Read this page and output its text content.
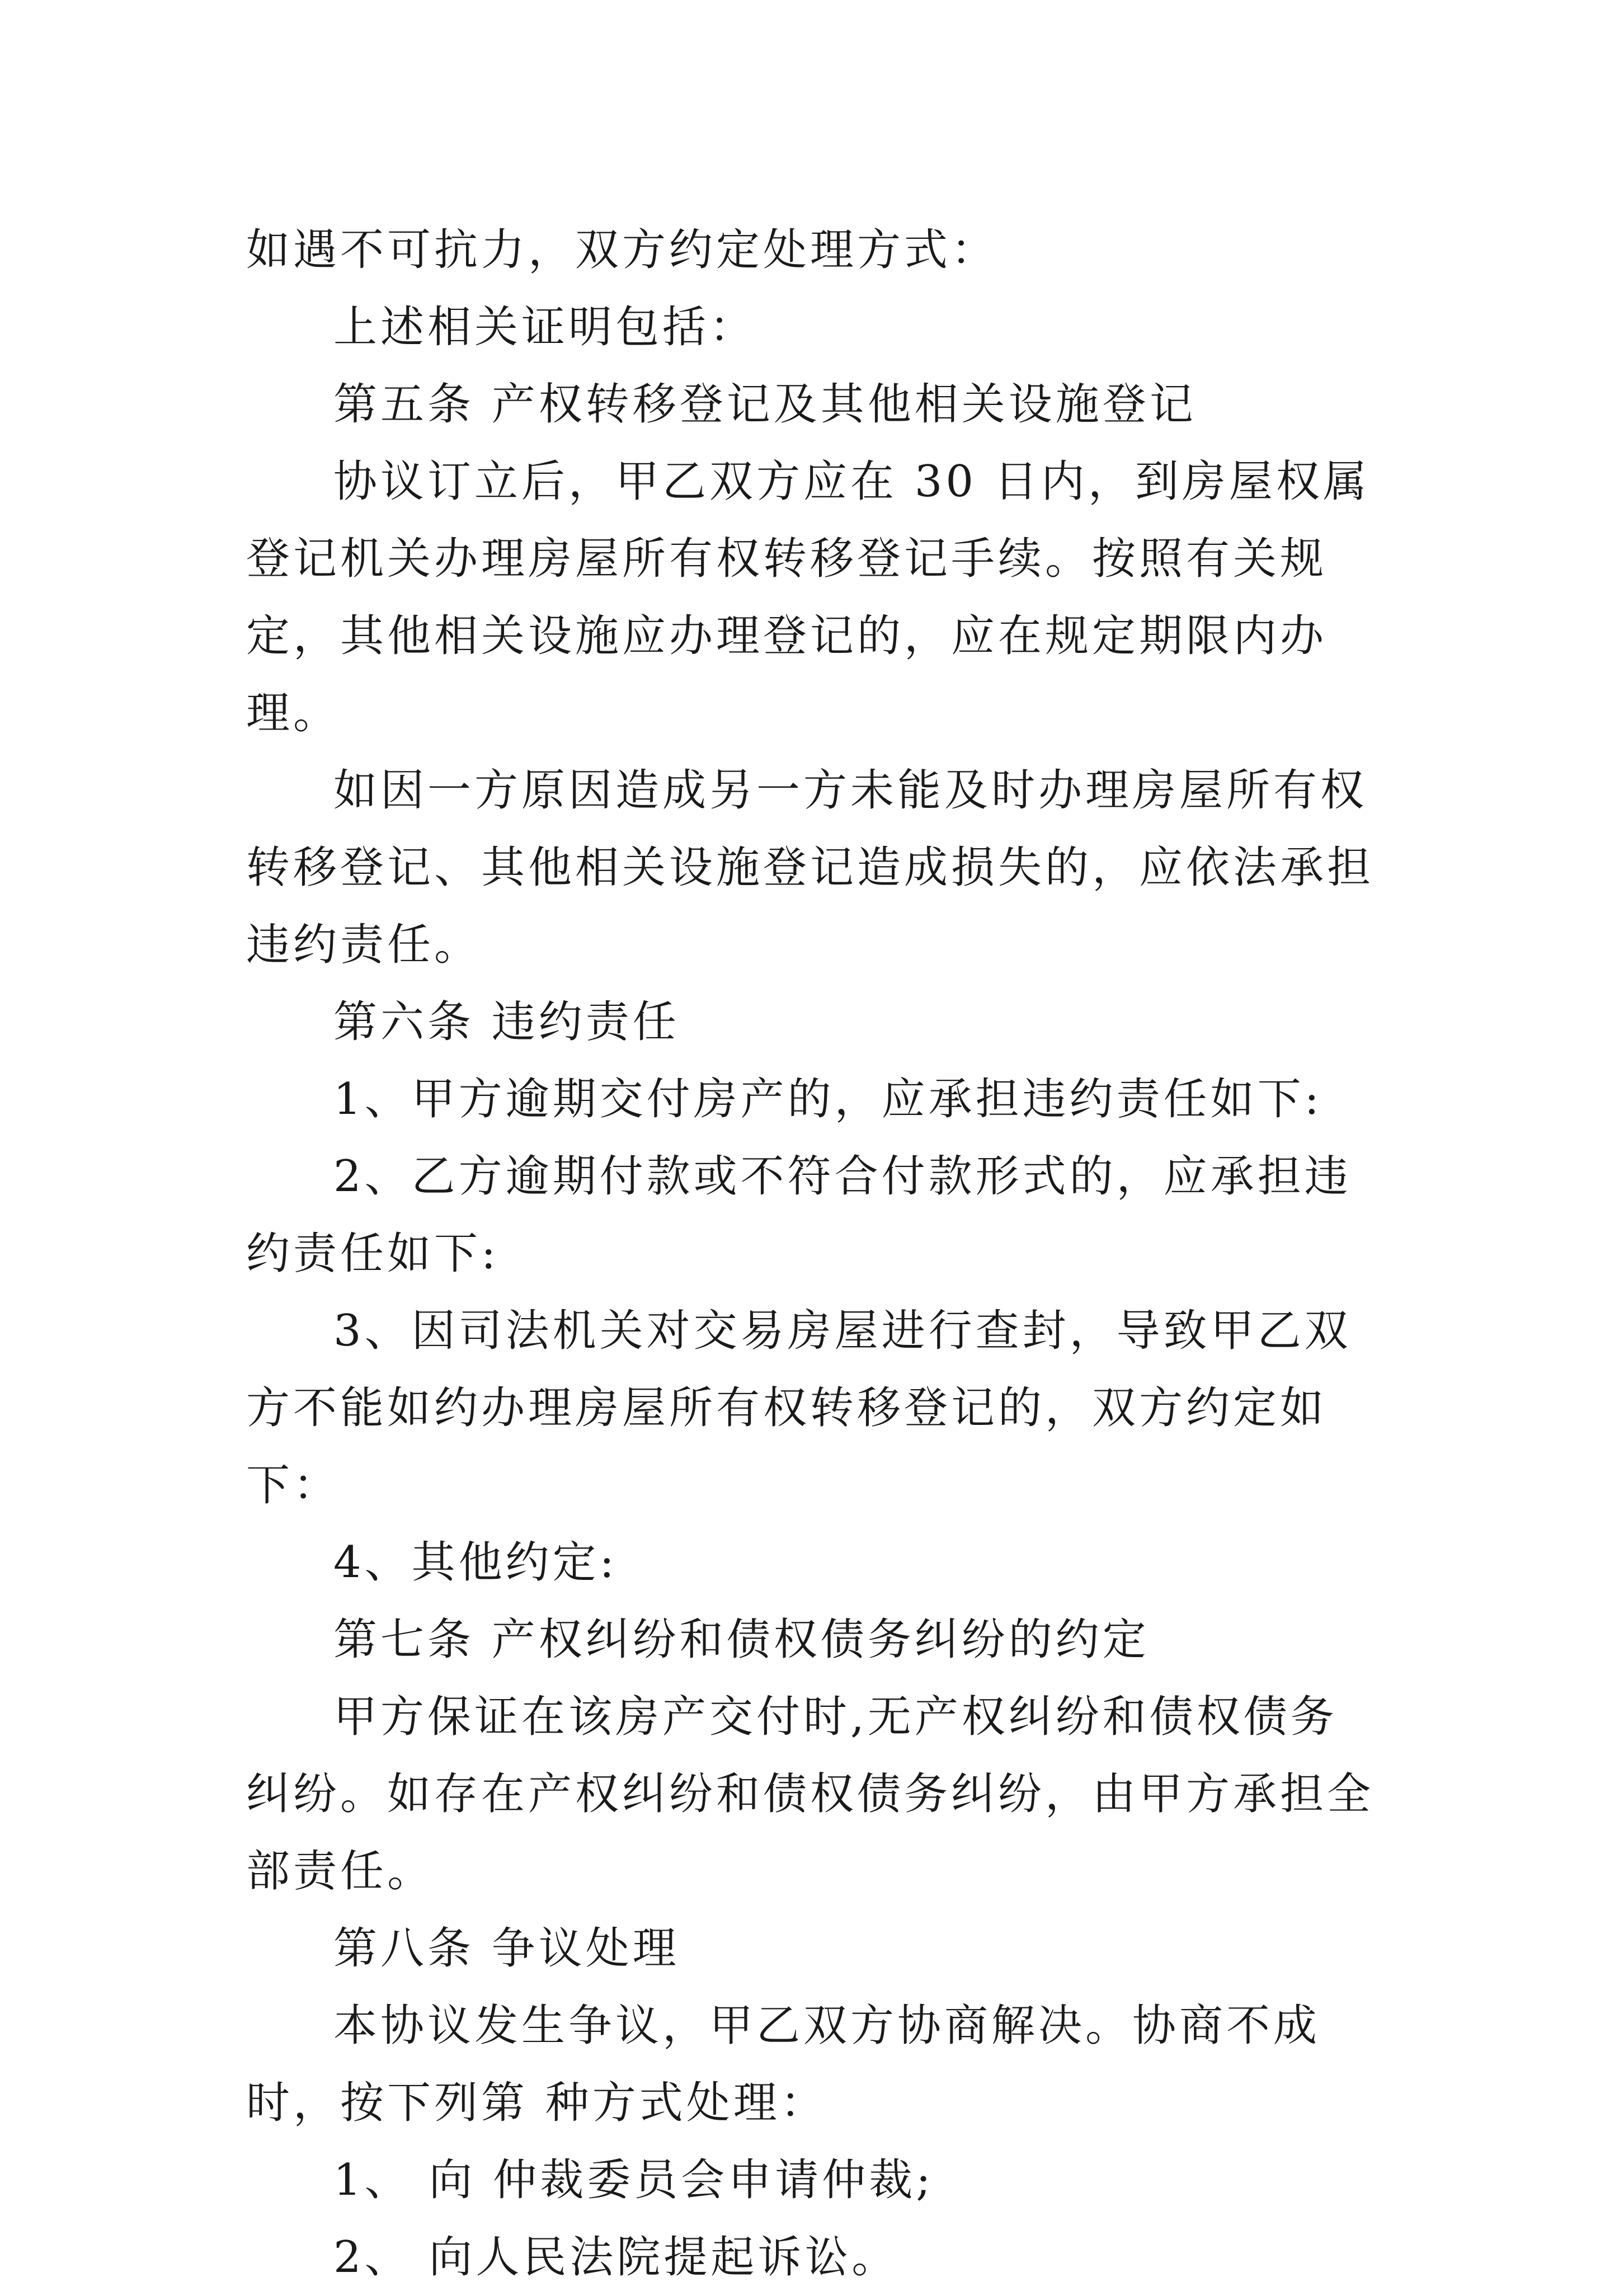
如遇不可抗力，双方约定处理方式：

上述相关证明包括：

第五条 产权转移登记及其他相关设施登记

协议订立后，甲乙双方应在 30 日内，到房屋权属登记机关办理房屋所有权转移登记手续。按照有关规定，其他相关设施应办理登记的，应在规定期限内办理。

如因一方原因造成另一方未能及时办理房屋所有权转移登记、其他相关设施登记造成损失的，应依法承担违约责任。

第六条 违约责任

1、甲方逾期交付房产的，应承担违约责任如下:

2、乙方逾期付款或不符合付款形式的，应承担违约责任如下:

3、因司法机关对交易房屋进行查封，导致甲乙双方不能如约办理房屋所有权转移登记的，双方约定如下：

4、其他约定:

第七条 产权纠纷和债权债务纠纷的约定

甲方保证在该房产交付时,无产权纠纷和债权债务纠纷。如存在产权纠纷和债权债务纠纷，由甲方承担全部责任。

第八条 争议处理

本协议发生争议，甲乙双方协商解决。协商不成时，按下列第 种方式处理：

1、 向 仲裁委员会申请仲裁;

2、 向人民法院提起诉讼。
